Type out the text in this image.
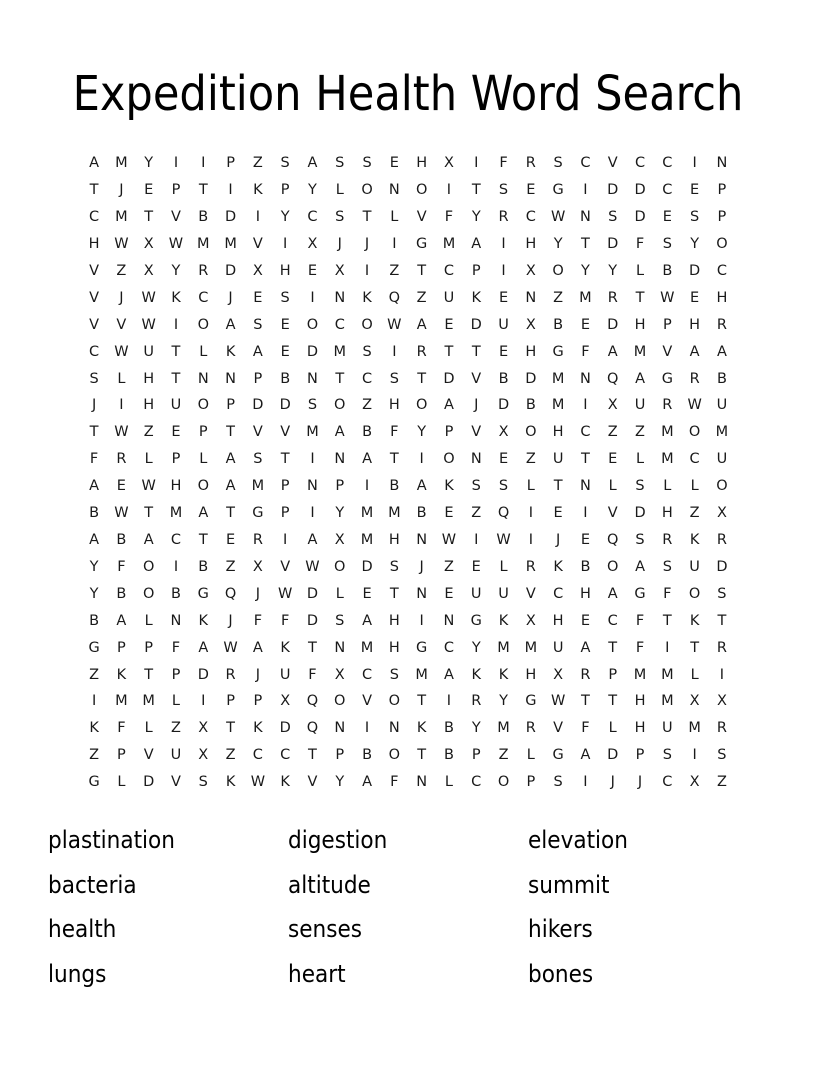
Expedition Health Word Search
A	M	Y	I	I	P	Z	S	A	S	S	E	H	X	I	F	R	S	C	V	C	C	I	N
T	J	E	P	T	I	K	P	Y	L	O	N	O	I	T	S	E	G	I	D	D	C	E	P
C	M	T	V	B	D	I	Y	C	S	T	L	V	F	Y	R	C	W	N	S	D	E	S	P
H	W	X	W	M	M	V	I	X	J	J	I	G	M	A	I	H	Y	T	D	F	S	Y	O
V	Z	X	Y	R	D	X	H	E	X	I	Z	T	C	P	I	X	O	Y	Y	L	B	D	C
V	J	W	K	C	J	E	S	I	N	K	Q	Z	U	K	E	N	Z	M	R	T	W	E	H
V	V	W	I	O	A	S	E	O	C	O	W	A	E	D	U	X	B	E	D	H	P	H	R
C	W	U	T	L	K	A	E	D	M	S	I	R	T	T	E	H	G	F	A	M	V	A	A
S	L	H	T	N	N	P	B	N	T	C	S	T	D	V	B	D	M	N	Q	A	G	R	B
J	I	H	U	O	P	D	D	S	O	Z	H	O	A	J	D	B	M	I	X	U	R	W	U
T	W	Z	E	P	T	V	V	M	A	B	F	Y	P	V	X	O	H	C	Z	Z	M	O	M
F	R	L	P	L	A	S	T	I	N	A	T	I	O	N	E	Z	U	T	E	L	M	C	U
A	E	W	H	O	A	M	P	N	P	I	B	A	K	S	S	L	T	N	L	S	L	L	O
B	W	T	M	A	T	G	P	I	Y	M	M	B	E	Z	Q	I	E	I	V	D	H	Z	X
A	B	A	C	T	E	R	I	A	X	M	H	N	W	I	W	I	J	E	Q	S	R	K	R
Y	F	O	I	B	Z	X	V	W	O	D	S	J	Z	E	L	R	K	B	O	A	S	U	D
Y	B	O	B	G	Q	J	W	D	L	E	T	N	E	U	U	V	C	H	A	G	F	O	S
B	A	L	N	K	J	F	F	D	S	A	H	I	N	G	K	X	H	E	C	F	T	K	T
G	P	P	F	A	W	A	K	T	N	M	H	G	C	Y	M	M	U	A	T	F	I	T	R
Z	K	T	P	D	R	J	U	F	X	C	S	M	A	K	K	H	X	R	P	M	M	L	I
I	M	M	L	I	P	P	X	Q	O	V	O	T	I	R	Y	G	W	T	T	H	M	X	X
K	F	L	Z	X	T	K	D	Q	N	I	N	K	B	Y	M	R	V	F	L	H	U	M	R
Z	P	V	U	X	Z	C	C	T	P	B	O	T	B	P	Z	L	G	A	D	P	S	I	S
G	L	D	V	S	K	W	K	V	Y	A	F	N	L	C	O	P	S	I	J	J	C	X	Z
plastination	digestion	elevation
bacteria	altitude	summit
health	senses	hikers
lungs	heart	bones
